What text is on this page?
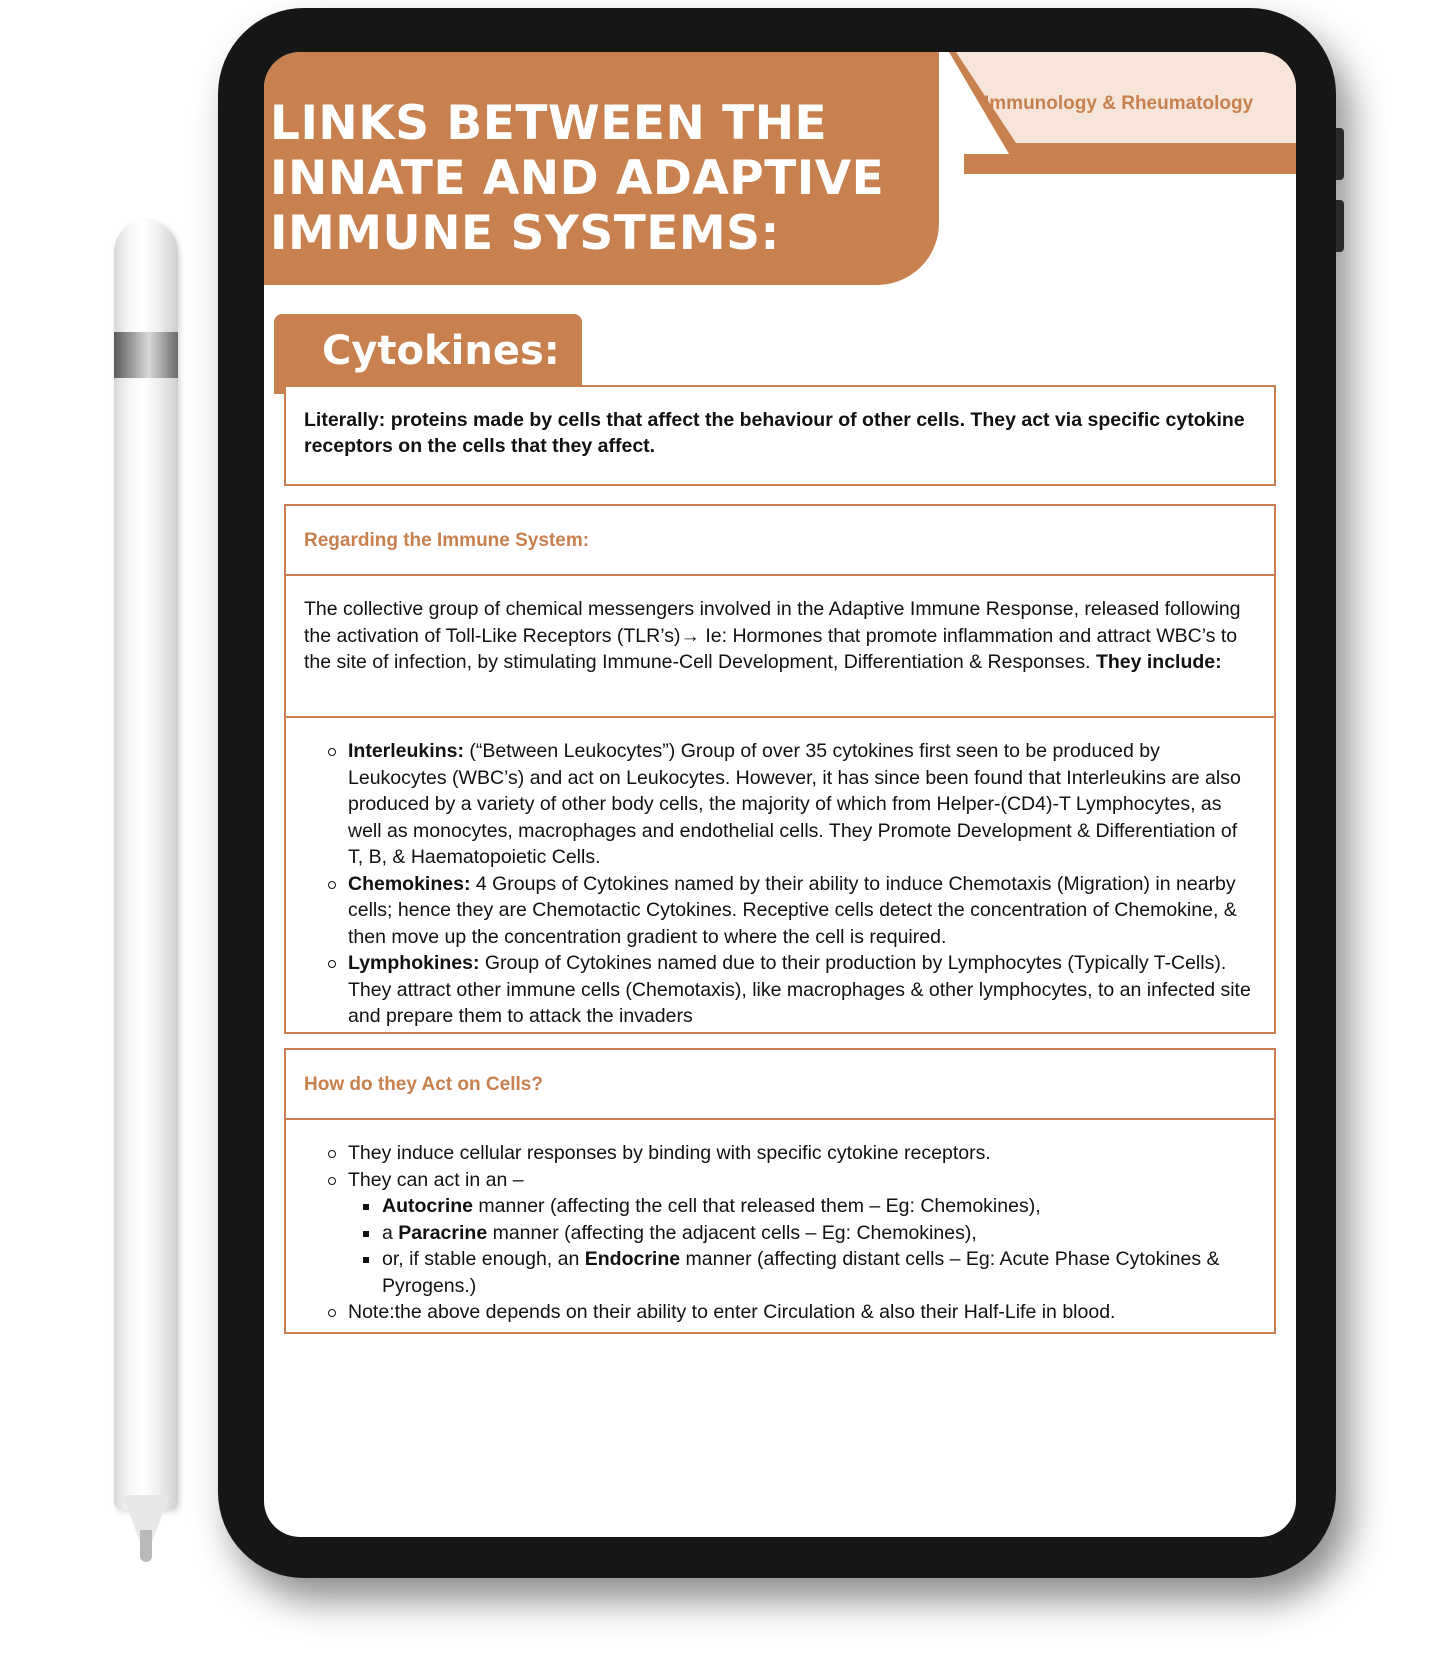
LINKS BETWEEN THE
INNATE AND ADAPTIVE
IMMUNE SYSTEMS:
Immunology & Rheumatology
Cytokines:

Literally: proteins made by cells that affect the behaviour of other cells. They act via specific cytokine receptors on the cells that they affect.

Regarding the Immune System:
The collective group of chemical messengers involved in the Adaptive Immune Response, released following the activation of Toll-Like Receptors (TLR’s)→ Ie: Hormones that promote inflammation and attract WBC’s to the site of infection, by stimulating Immune-Cell Development, Differentiation & Responses. They include:
Interleukins: (“Between Leukocytes”) Group of over 35 cytokines first seen to be produced by Leukocytes (WBC’s) and act on Leukocytes. However, it has since been found that Interleukins are also produced by a variety of other body cells, the majority of which from Helper-(CD4)-T Lymphocytes, as well as monocytes, macrophages and endothelial cells. They Promote Development & Differentiation of T, B, & Haematopoietic Cells.
Chemokines: 4 Groups of Cytokines named by their ability to induce Chemotaxis (Migration) in nearby cells; hence they are Chemotactic Cytokines. Receptive cells detect the concentration of Chemokine, & then move up the concentration gradient to where the cell is required.
Lymphokines: Group of Cytokines named due to their production by Lymphocytes (Typically T-Cells). They attract other immune cells (Chemotaxis), like macrophages & other lymphocytes, to an infected site and prepare them to attack the invaders
How do they Act on Cells?
They induce cellular responses by binding with specific cytokine receptors.
They can act in an –
Autocrine manner (affecting the cell that released them – Eg: Chemokines),
a Paracrine manner (affecting the adjacent cells – Eg: Chemokines),
or, if stable enough, an Endocrine manner (affecting distant cells – Eg: Acute Phase Cytokines & Pyrogens.)
Note:the above depends on their ability to enter Circulation & also their Half-Life in blood.
